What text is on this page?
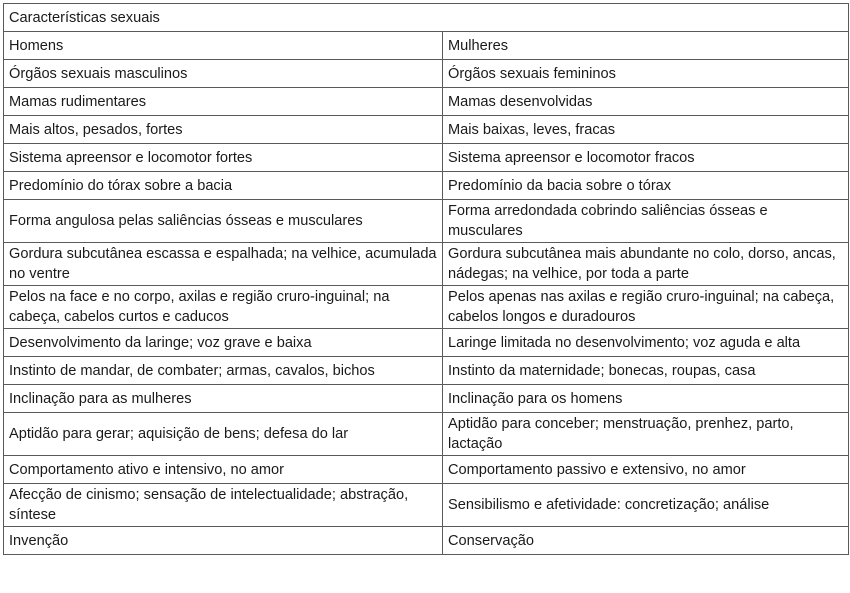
Características sexuais	
Homens	Mulheres
Órgãos sexuais masculinos	Órgãos sexuais femininos
Mamas rudimentares	Mamas desenvolvidas
Mais altos, pesados, fortes	Mais baixas, leves, fracas
Sistema apreensor e locomotor fortes	Sistema apreensor e locomotor fracos
Predomínio do tórax sobre a bacia	Predomínio da bacia sobre o tórax
Forma angulosa pelas saliências ósseas e musculares	Forma arredondada cobrindo saliências ósseas e musculares
Gordura subcutânea escassa e espalhada; na velhice, acumulada no ventre	Gordura subcutânea mais abundante no colo, dorso, ancas, nádegas; na velhice, por toda a parte
Pelos na face e no corpo, axilas e região cruro-inguinal; na cabeça, cabelos curtos e caducos	Pelos apenas nas axilas e região cruro-inguinal; na cabeça, cabelos longos e duradouros
Desenvolvimento da laringe; voz grave e baixa	Laringe limitada no desenvolvimento; voz aguda e alta
Instinto de mandar, de combater; armas, cavalos, bichos	Instinto da maternidade; bonecas, roupas, casa
Inclinação para as mulheres	Inclinação para os homens
Aptidão para gerar; aquisição de bens; defesa do lar	Aptidão para conceber; menstruação, prenhez, parto, lactação
Comportamento ativo e intensivo, no amor	Comportamento passivo e extensivo, no amor
Afecção de cinismo; sensação de intelectualidade; abstração, síntese	Sensibilismo e afetividade: concretização; análise
Invenção	Conservação
